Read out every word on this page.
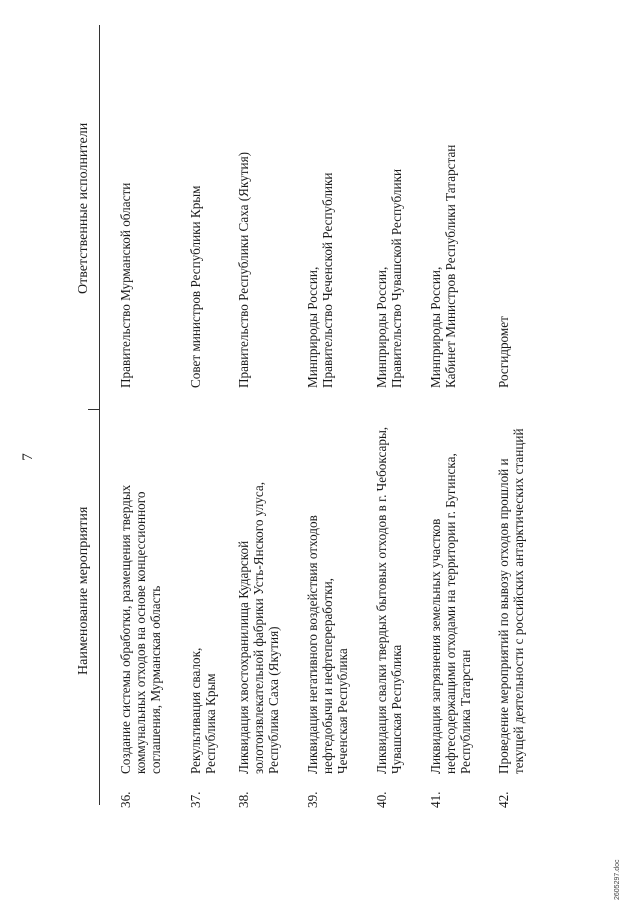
7
Наименование мероприятия
Ответственные исполнители
36.
Создание системы обработки, размещения твердых коммунальных отходов на основе концессионного соглашения, Мурманская область
Правительство Мурманской области
37.
Рекультивация свалок, Республика Крым
Совет министров Республики Крым
38.
Ликвидация хвостохранилища Кударской золотоизвлекательной фабрики Усть-Янского улуса, Республика Саха (Якутия)
Правительство Республики Саха (Якутия)
39.
Ликвидация негативного воздействия отходов нефтедобычи и нефтепереработки, Чеченская Республика
Минприроды России, Правительство Чеченской Республики
40.
Ликвидация свалки твердых бытовых отходов в г. Чебоксары, Чувашская Республика
Минприроды России, Правительство Чувашской Республики
41.
Ликвидация загрязнения земельных участков нефтесодержащими отходами на территории г. Бугинска, Республика Татарстан
Минприроды России, Кабинет Министров Республики Татарстан
42.
Проведение мероприятий по вывозу отходов прошлой и текущей деятельности с российских антарктических станций
Росгидромет
2605297.doc
